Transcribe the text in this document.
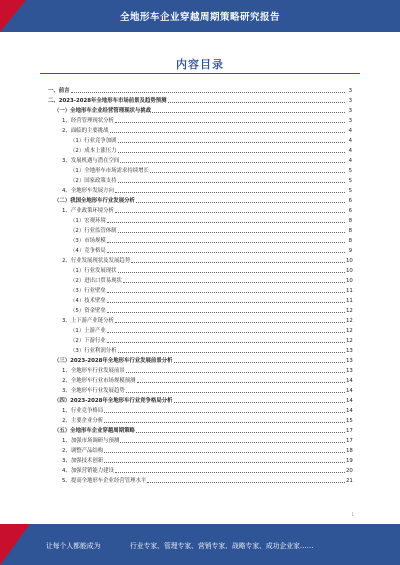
全地形车企业穿越周期策略研究报告
内容目录
一、前言	3
二、2023-2028年全地形车市场前景及趋势预测	3
（一）全地形车企业经营管理现状与挑战	3
1、经营管理现状分析	3
2、面临的主要挑战	4
（1）行业竞争加剧	4
（2）成本上涨压力	4
3、发展机遇与潜在空间	4
（1）全地形车市场需求持续增长	5
（2）国家政策支持	5
4、全地形车发展方向	5
（二）我国全地形车行业发展分析	6
1、产业政策环境分析	6
（1）宏观环境	8
（2）行业监管体制	8
（3）市场规模	8
（4）竞争格局	9
2、行业发展现状及发展趋势	10
（1）行业发展现状	10
（2）进出口贸易现状	10
（3）行业壁垒	11
（4）技术壁垒	11
（5）资金壁垒	12
3、上下游产业链分析	12
（1）上游产业	12
（2）下游行业	12
（3）行业利润分析	13
（三）2023-2028年全地形车行业发展前景分析	13
1、全地形车行业发展前景	13
2、全地形车行业市场规模预测	14
3、全地形车行业发展趋势	14
（四）2023-2028年全地形车行业竞争格局分析	14
1、行业竞争格局	14
2、主要企业分析	15
（五）全地形车企业穿越周期策略	17
1、加强市场调研与预测	17
2、调整产品结构	18
3、加强技术创新	19
4、加强营销能力建设	20
5、提高全地形车企业经营管理水平	21
1
让每个人都能成为	行业专家、管理专家、营销专家、战略专家、成功企业家……
